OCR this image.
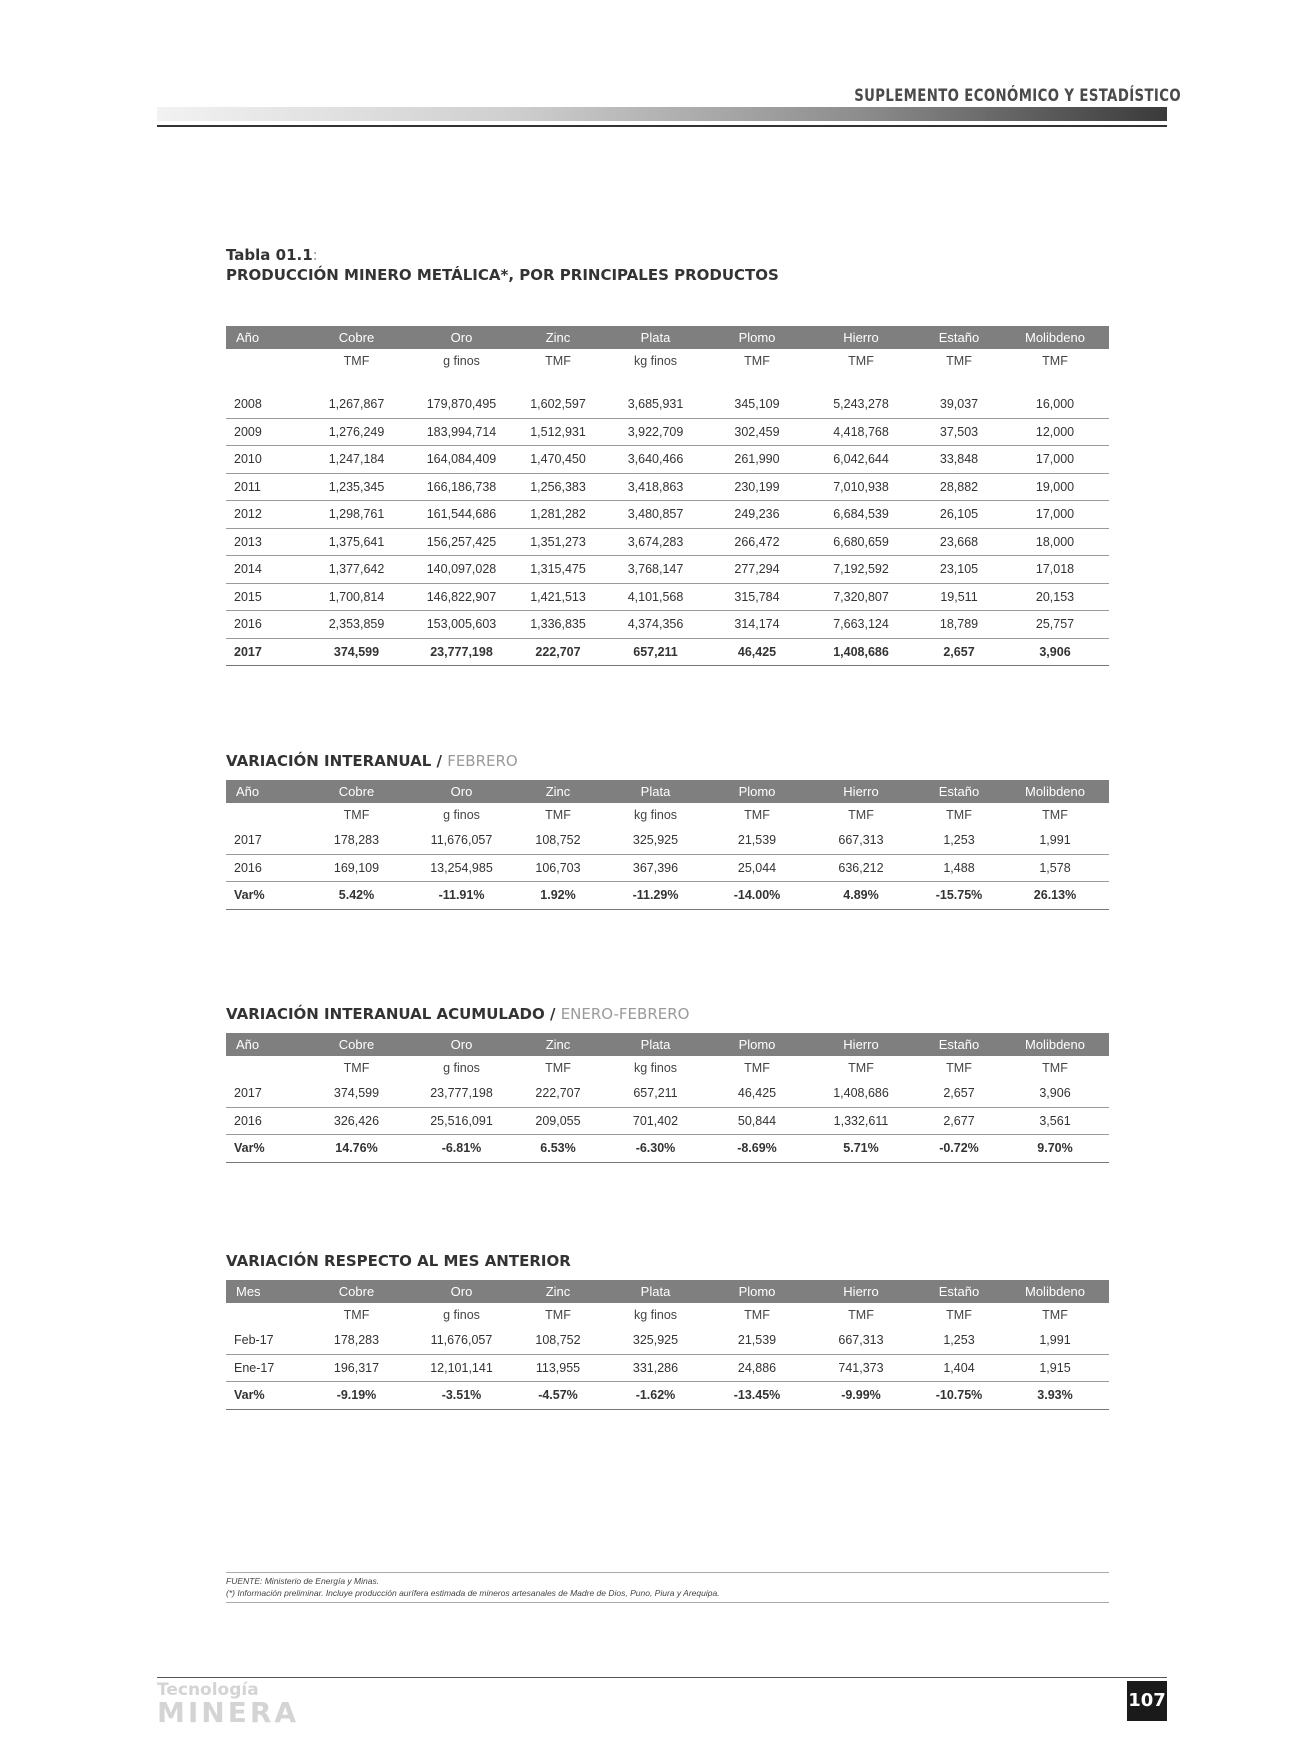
SUPLEMENTO ECONÓMICO Y ESTADÍSTICO
Tabla 01.1:
PRODUCCIÓN MINERO METÁLICA*, POR PRINCIPALES PRODUCTOS
Año	Cobre	Oro	Zinc	Plata	Plomo	Hierro	Estaño	Molibdeno
	TMF	g finos	TMF	kg finos	TMF	TMF	TMF	TMF

2008	1,267,867	179,870,495	1,602,597	3,685,931	345,109	5,243,278	39,037	16,000
2009	1,276,249	183,994,714	1,512,931	3,922,709	302,459	4,418,768	37,503	12,000
2010	1,247,184	164,084,409	1,470,450	3,640,466	261,990	6,042,644	33,848	17,000
2011	1,235,345	166,186,738	1,256,383	3,418,863	230,199	7,010,938	28,882	19,000
2012	1,298,761	161,544,686	1,281,282	3,480,857	249,236	6,684,539	26,105	17,000
2013	1,375,641	156,257,425	1,351,273	3,674,283	266,472	6,680,659	23,668	18,000
2014	1,377,642	140,097,028	1,315,475	3,768,147	277,294	7,192,592	23,105	17,018
2015	1,700,814	146,822,907	1,421,513	4,101,568	315,784	7,320,807	19,511	20,153
2016	2,353,859	153,005,603	1,336,835	4,374,356	314,174	7,663,124	18,789	25,757
2017	374,599	23,777,198	222,707	657,211	46,425	1,408,686	2,657	3,906
VARIACIÓN INTERANUAL / FEBRERO
Año	Cobre	Oro	Zinc	Plata	Plomo	Hierro	Estaño	Molibdeno
	TMF	g finos	TMF	kg finos	TMF	TMF	TMF	TMF
2017	178,283	11,676,057	108,752	325,925	21,539	667,313	1,253	1,991
2016	169,109	13,254,985	106,703	367,396	25,044	636,212	1,488	1,578
Var%	5.42%	-11.91%	1.92%	-11.29%	-14.00%	4.89%	-15.75%	26.13%
VARIACIÓN INTERANUAL ACUMULADO / ENERO-FEBRERO
Año	Cobre	Oro	Zinc	Plata	Plomo	Hierro	Estaño	Molibdeno
	TMF	g finos	TMF	kg finos	TMF	TMF	TMF	TMF
2017	374,599	23,777,198	222,707	657,211	46,425	1,408,686	2,657	3,906
2016	326,426	25,516,091	209,055	701,402	50,844	1,332,611	2,677	3,561
Var%	14.76%	-6.81%	6.53%	-6.30%	-8.69%	5.71%	-0.72%	9.70%
VARIACIÓN RESPECTO AL MES ANTERIOR
Mes	Cobre	Oro	Zinc	Plata	Plomo	Hierro	Estaño	Molibdeno
	TMF	g finos	TMF	kg finos	TMF	TMF	TMF	TMF
Feb-17	178,283	11,676,057	108,752	325,925	21,539	667,313	1,253	1,991
Ene-17	196,317	12,101,141	113,955	331,286	24,886	741,373	1,404	1,915
Var%	-9.19%	-3.51%	-4.57%	-1.62%	-13.45%	-9.99%	-10.75%	3.93%
FUENTE: Ministerio de Energía y Minas.
(*) Información preliminar. Incluye producción aurífera estimada de mineros artesanales de Madre de Dios, Puno, Piura y Arequipa.
Tecnología
MINERA	107
